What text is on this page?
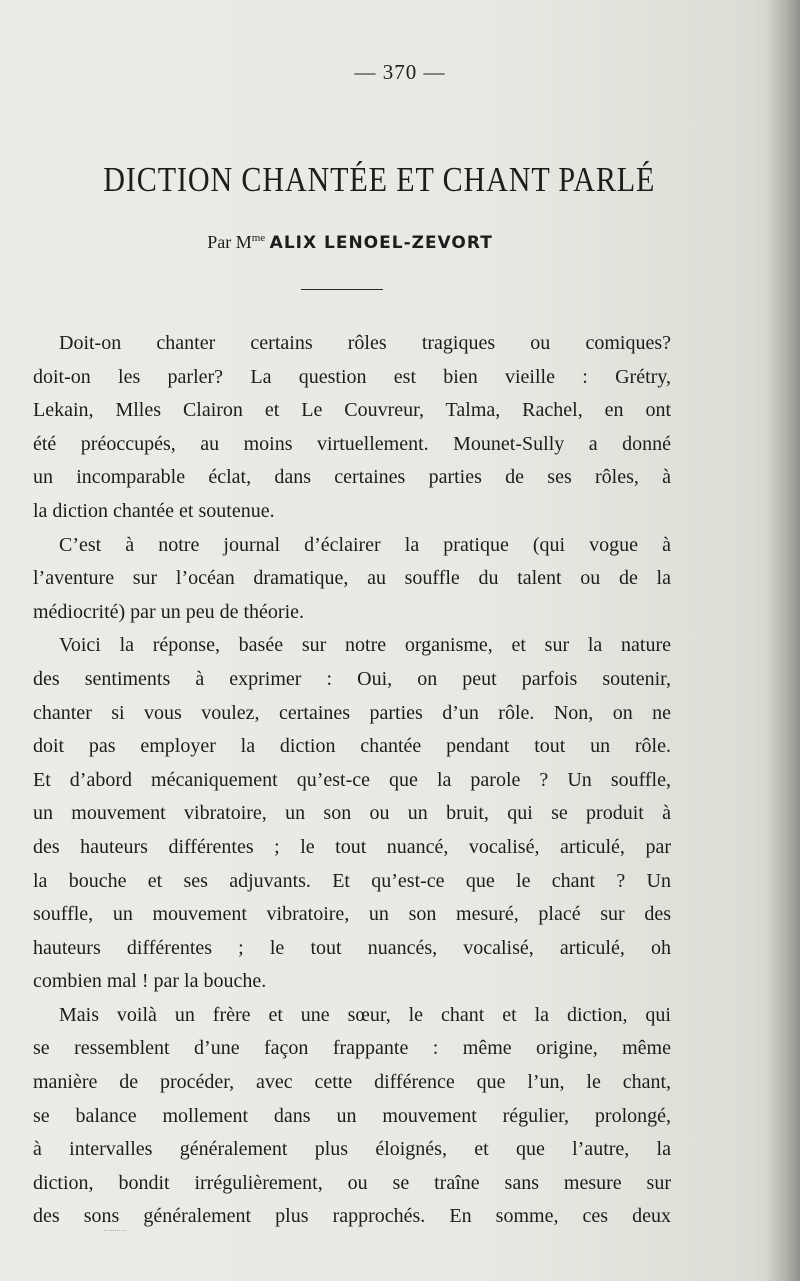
— 370 —
DICTION CHANTÉE ET CHANT PARLÉ
Par $M^{me}$ ALIX LENOEL-ZEVORT
Doit-on chanter certains rôles tragiques ou comiques?
doit-on les parler? La question est bien vieille : Grétry,
Lekain, Mlles Clairon et Le Couvreur, Talma, Rachel, en ont
été préoccupés, au moins virtuellement. Mounet-Sully a donné
un incomparable éclat, dans certaines parties de ses rôles, à
la diction chantée et soutenue.
C’est à notre journal d’éclairer la pratique (qui vogue à
l’aventure sur l’océan dramatique, au souffle du talent ou de la
médiocrité) par un peu de théorie.
Voici la réponse, basée sur notre organisme, et sur la nature
des sentiments à exprimer : Oui, on peut parfois soutenir,
chanter si vous voulez, certaines parties d’un rôle. Non, on ne
doit pas employer la diction chantée pendant tout un rôle.
Et d’abord mécaniquement qu’est-ce que la parole ? Un souffle,
un mouvement vibratoire, un son ou un bruit, qui se produit à
des hauteurs différentes ; le tout nuancé, vocalisé, articulé, par
la bouche et ses adjuvants. Et qu’est-ce que le chant ? Un
souffle, un mouvement vibratoire, un son mesuré, placé sur des
hauteurs différentes ; le tout nuancés, vocalisé, articulé, oh
combien mal ! par la bouche.
Mais voilà un frère et une sœur, le chant et la diction, qui
se ressemblent d’une façon frappante : même origine, même
manière de procéder, avec cette différence que l’un, le chant,
se balance mollement dans un mouvement régulier, prolongé,
à intervalles généralement plus éloignés, et que l’autre, la
diction, bondit irrégulièrement, ou se traîne sans mesure sur
des sons généralement plus rapprochés. En somme, ces deux
